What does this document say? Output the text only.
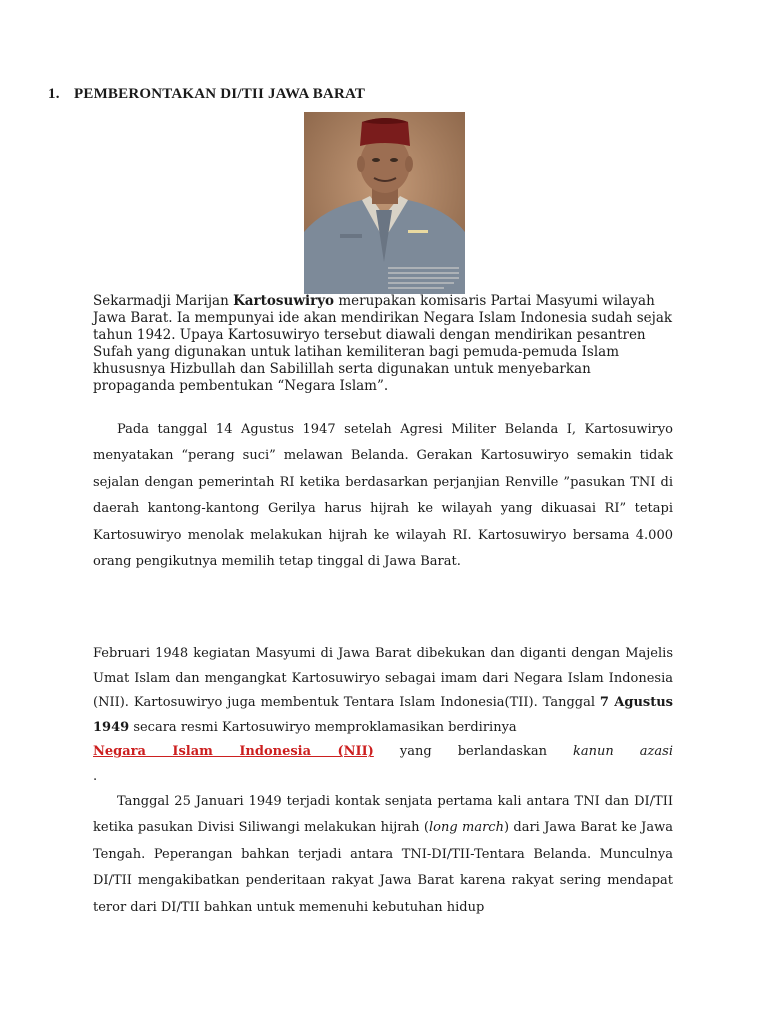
1. PEMBERONTAKAN DI/TII JAWA BARAT

Sekarmadji Marijan Kartosuwiryo merupakan komisaris Partai Masyumi wilayah Jawa Barat. Ia mempunyai ide akan mendirikan Negara Islam Indonesia sudah sejak tahun 1942. Upaya Kartosuwiryo tersebut diawali dengan mendirikan pesantren Sufah yang digunakan untuk latihan kemiliteran bagi pemuda-pemuda Islam khususnya Hizbullah dan Sabilillah serta digunakan untuk menyebarkan propaganda pembentukan “Negara Islam”.

Pada tanggal 14 Agustus 1947 setelah Agresi Militer Belanda I, Kartosuwiryo menyatakan “perang suci” melawan Belanda. Gerakan Kartosuwiryo semakin tidak sejalan dengan pemerintah RI ketika berdasarkan perjanjian Renville ”pasukan TNI di daerah kantong-kantong Gerilya harus hijrah ke wilayah yang dikuasai RI” tetapi Kartosuwiryo menolak melakukan hijrah ke wilayah RI. Kartosuwiryo bersama 4.000 orang pengikutnya memilih tetap tinggal di Jawa Barat.

Februari 1948 kegiatan Masyumi di Jawa Barat dibekukan dan diganti dengan Majelis Umat Islam dan mengangkat Kartosuwiryo sebagai imam dari Negara Islam Indonesia (NII). Kartosuwiryo juga membentuk Tentara Islam Indonesia(TII). Tanggal 7 Agustus 1949 secara resmi Kartosuwiryo memproklamasikan berdirinya
Negara Islam Indonesia (NII) yang berlandaskan kanun azasi
.

Tanggal 25 Januari 1949 terjadi kontak senjata pertama kali antara TNI dan DI/TII ketika pasukan Divisi Siliwangi melakukan hijrah (long march) dari Jawa Barat ke Jawa Tengah. Peperangan bahkan terjadi antara TNI-DI/TII-Tentara Belanda. Munculnya DI/TII mengakibatkan penderitaan rakyat Jawa Barat karena rakyat sering mendapat teror dari DI/TII bahkan untuk memenuhi kebutuhan hidup
